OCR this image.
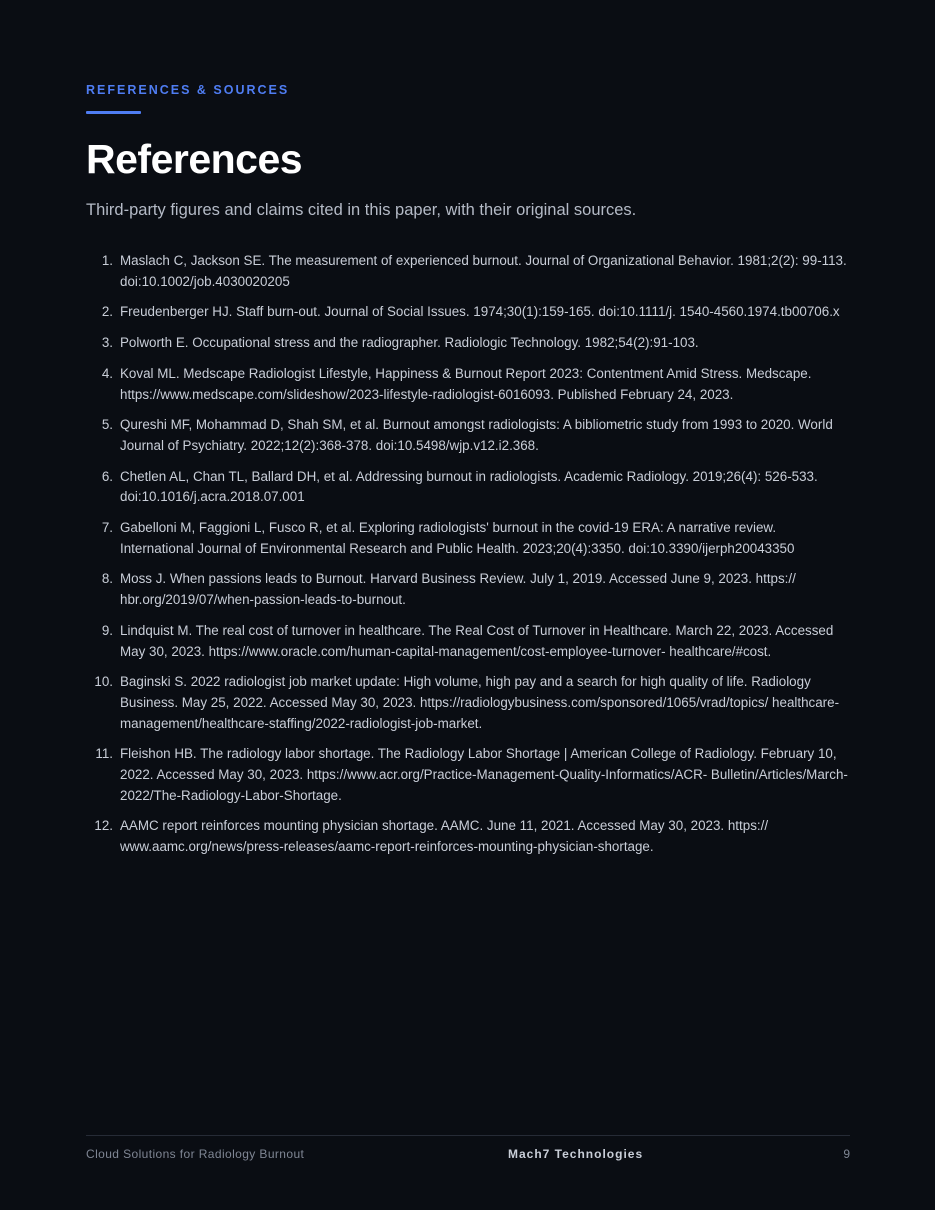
REFERENCES & SOURCES
References

Third-party figures and claims cited in this paper, with their original sources.

1. Maslach C, Jackson SE. The measurement of experienced burnout. Journal of Organizational Behavior. 1981;2(2): 99-113. doi:10.1002/job.4030020205
2. Freudenberger HJ. Staff burn-out. Journal of Social Issues. 1974;30(1):159-165. doi:10.1111/j. 1540-4560.1974.tb00706.x
3. Polworth E. Occupational stress and the radiographer. Radiologic Technology. 1982;54(2):91-103.
4. Koval ML. Medscape Radiologist Lifestyle, Happiness & Burnout Report 2023: Contentment Amid Stress. Medscape. https://www.medscape.com/slideshow/2023-lifestyle-radiologist-6016093. Published February 24, 2023.
5. Qureshi MF, Mohammad D, Shah SM, et al. Burnout amongst radiologists: A bibliometric study from 1993 to 2020. World Journal of Psychiatry. 2022;12(2):368-378. doi:10.5498/wjp.v12.i2.368.
6. Chetlen AL, Chan TL, Ballard DH, et al. Addressing burnout in radiologists. Academic Radiology. 2019;26(4): 526-533. doi:10.1016/j.acra.2018.07.001
7. Gabelloni M, Faggioni L, Fusco R, et al. Exploring radiologists' burnout in the covid-19 ERA: A narrative review. International Journal of Environmental Research and Public Health. 2023;20(4):3350. doi:10.3390/ijerph20043350
8. Moss J. When passions leads to Burnout. Harvard Business Review. July 1, 2019. Accessed June 9, 2023. https:// hbr.org/2019/07/when-passion-leads-to-burnout.
9. Lindquist M. The real cost of turnover in healthcare. The Real Cost of Turnover in Healthcare. March 22, 2023. Accessed May 30, 2023. https://www.oracle.com/human-capital-management/cost-employee-turnover- healthcare/#cost.
10. Baginski S. 2022 radiologist job market update: High volume, high pay and a search for high quality of life. Radiology Business. May 25, 2022. Accessed May 30, 2023. https://radiologybusiness.com/sponsored/1065/vrad/topics/ healthcare-management/healthcare-staffing/2022-radiologist-job-market.
11. Fleishon HB. The radiology labor shortage. The Radiology Labor Shortage | American College of Radiology. February 10, 2022. Accessed May 30, 2023. https://www.acr.org/Practice-Management-Quality-Informatics/ACR- Bulletin/Articles/March-2022/The-Radiology-Labor-Shortage.
12. AAMC report reinforces mounting physician shortage. AAMC. June 11, 2021. Accessed May 30, 2023. https:// www.aamc.org/news/press-releases/aamc-report-reinforces-mounting-physician-shortage.
Cloud Solutions for Radiology Burnout	Mach7 Technologies	9
